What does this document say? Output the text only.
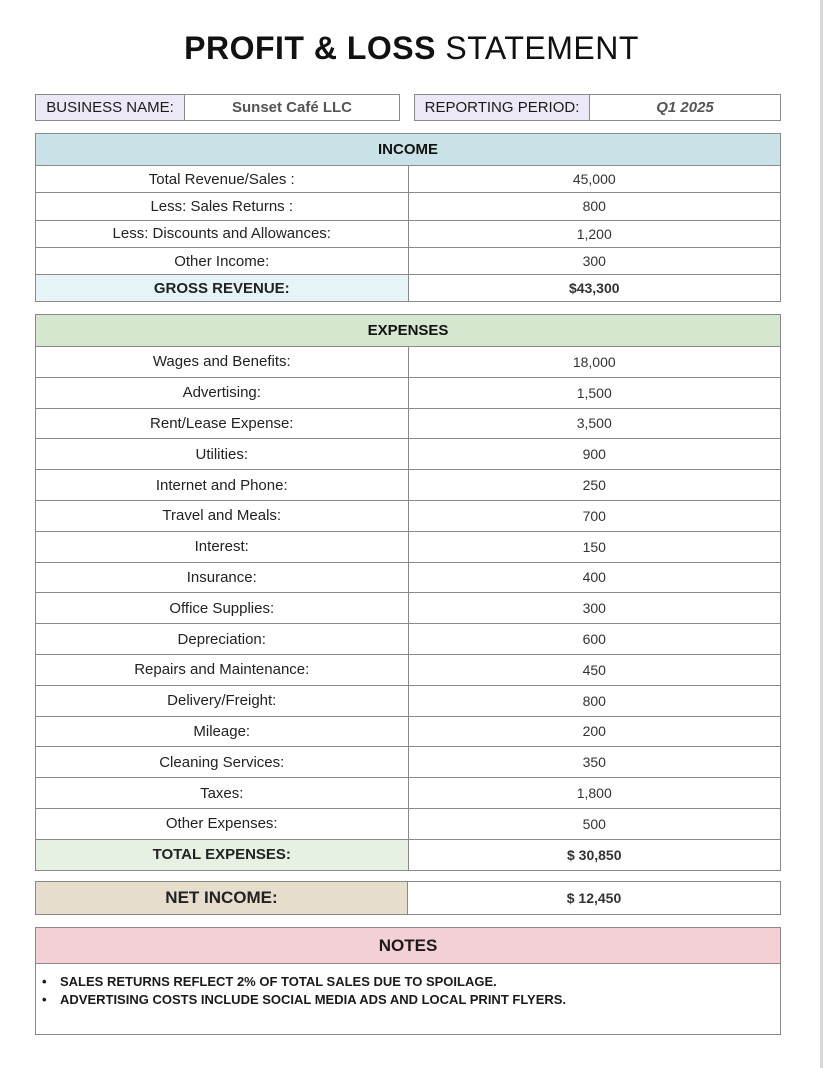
PROFIT & LOSS STATEMENT
BUSINESS NAME:	Sunset Café LLC	REPORTING PERIOD:	Q1 2025
INCOME	
Total Revenue/Sales :	45,000
Less: Sales Returns :	800
Less: Discounts and Allowances:	1,200
Other Income:	300
GROSS REVENUE:	$43,300
EXPENSES	
Wages and Benefits:	18,000
Advertising:	1,500
Rent/Lease Expense:	3,500
Utilities:	900
Internet and Phone:	250
Travel and Meals:	700
Interest:	150
Insurance:	400
Office Supplies:	300
Depreciation:	600
Repairs and Maintenance:	450
Delivery/Freight:	800
Mileage:	200
Cleaning Services:	350
Taxes:	1,800
Other Expenses:	500
TOTAL EXPENSES:	$ 30,850
NET INCOME:	$ 12,450
NOTES
•	SALES RETURNS REFLECT 2% OF TOTAL SALES DUE TO SPOILAGE.
•	ADVERTISING COSTS INCLUDE SOCIAL MEDIA ADS AND LOCAL PRINT FLYERS.
